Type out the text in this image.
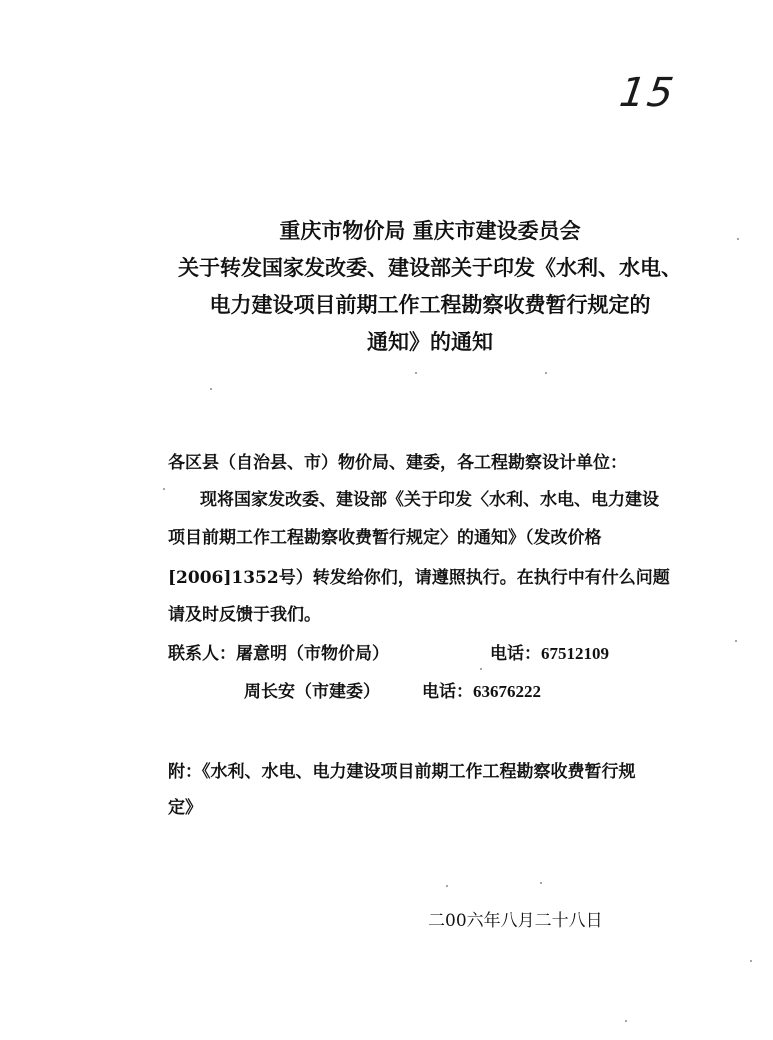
15
重庆市物价局 重庆市建设委员会
关于转发国家发改委、建设部关于印发《水利、水电、
电力建设项目前期工作工程勘察收费暂行规定的
通知》的通知
各区县（自治县、市）物价局、建委，各工程勘察设计单位：
现将国家发改委、建设部《关于印发〈水利、水电、电力建设
项目前期工作工程勘察收费暂行规定〉的通知》（发改价格
[2006]1352号）转发给你们，请遵照执行。在执行中有什么问题
请及时反馈于我们。
联系人：屠意明（市物价局）	电话：67512109
周长安（市建委） 电话：63676222
附：《水利、水电、电力建设项目前期工作工程勘察收费暂行规
定》
二00六年八月二十八日
